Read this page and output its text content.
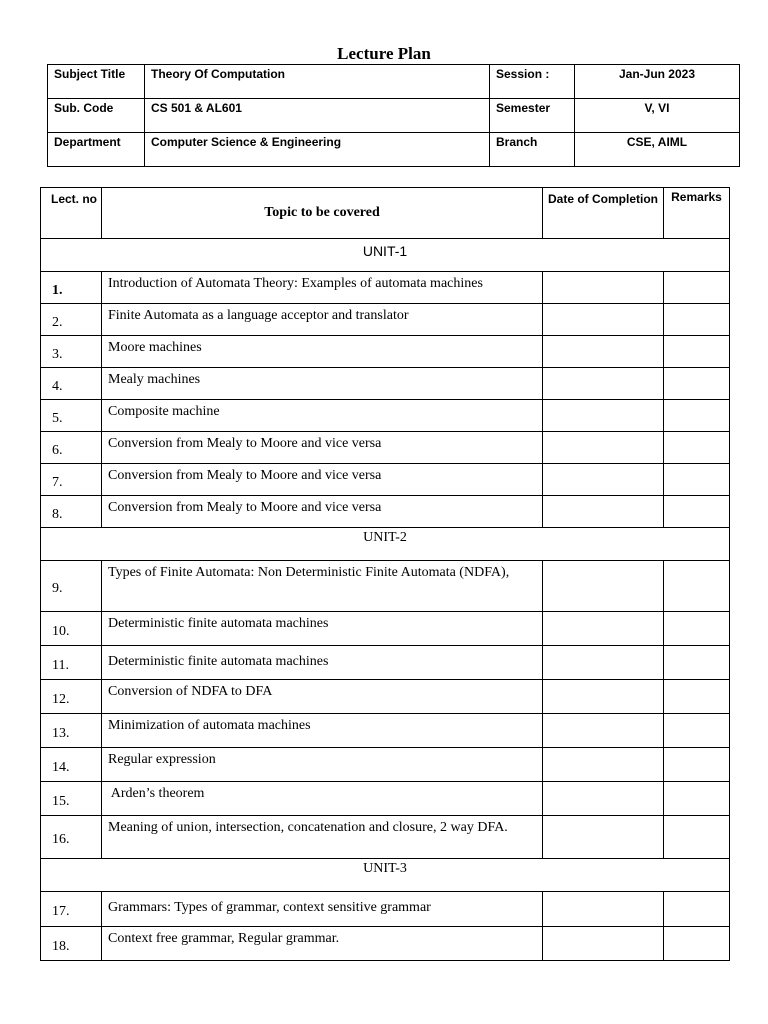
Lecture Plan
Subject Title	Theory Of Computation	Session :	Jan-Jun 2023
Sub. Code	CS 501 & AL601	Semester	V, VI
Department	Computer Science & Engineering	Branch	CSE, AIML
Lect. no	Topic to be covered	Date of Completion	Remarks
UNIT-1			

1.	Introduction of Automata Theory: Examples of automata machines		

2.	Finite Automata as a language acceptor and translator		

3.	Moore machines		

4.	Mealy machines		

5.	Composite machine		

6.	Conversion from Mealy to Moore and vice versa		

7.	Conversion from Mealy to Moore and vice versa		

8.	Conversion from Mealy to Moore and vice versa		
UNIT-2			

9.	Types of Finite Automata: Non Deterministic Finite Automata (NDFA),		

10.	Deterministic finite automata machines		

11.	Deterministic finite automata machines		

12.	Conversion of NDFA to DFA		

13.	Minimization of automata machines		

14.	Regular expression		

15.	Arden’s theorem		

16.	Meaning of union, intersection, concatenation and closure, 2 way DFA.		
UNIT-3			

17.	Grammars: Types of grammar, context sensitive grammar		

18.	Context free grammar, Regular grammar.		
